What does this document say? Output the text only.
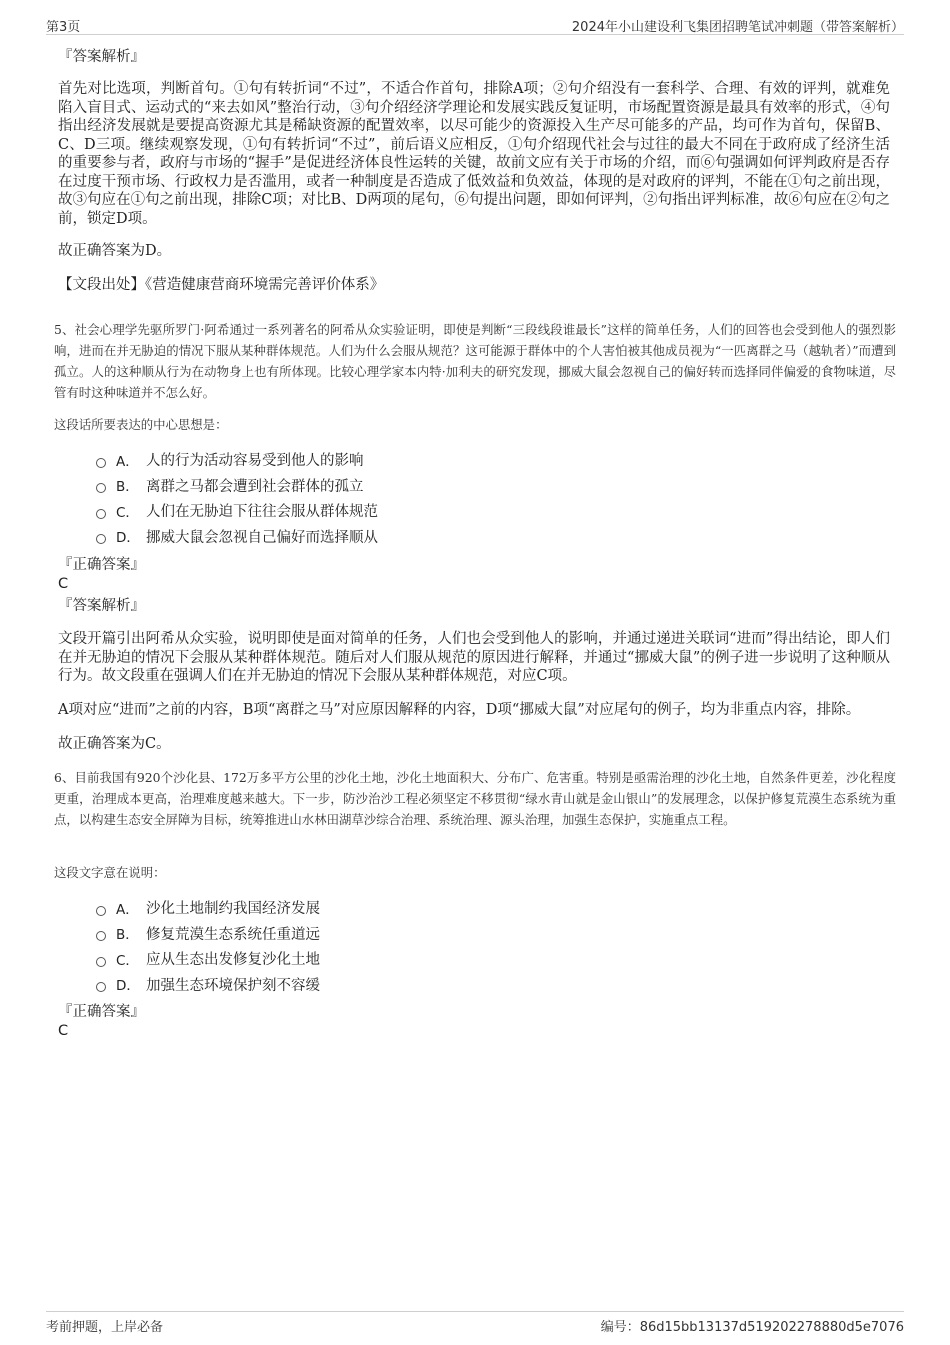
第3页	2024年小山建设利飞集团招聘笔试冲刺题（带答案解析）
『答案解析』

首先对比选项，判断首句。①句有转折词“不过”，不适合作首句，排除A项；②句介绍没有一套科学、合理、有效的评判，就难免陷入盲目式、运动式的“来去如风”整治行动，③句介绍经济学理论和发展实践反复证明，市场配置资源是最具有效率的形式，④句指出经济发展就是要提高资源尤其是稀缺资源的配置效率，以尽可能少的资源投入生产尽可能多的产品，均可作为首句，保留B、C、D三项。继续观察发现，①句有转折词“不过”，前后语义应相反，①句介绍现代社会与过往的最大不同在于政府成了经济生活的重要参与者，政府与市场的“握手”是促进经济体良性运转的关键，故前文应有关于市场的介绍，而⑥句强调如何评判政府是否存在过度干预市场、行政权力是否滥用，或者一种制度是否造成了低效益和负效益，体现的是对政府的评判，不能在①句之前出现，故③句应在①句之前出现，排除C项；对比B、D两项的尾句，⑥句提出问题，即如何评判，②句指出评判标准，故⑥句应在②句之前，锁定D项。

故正确答案为D。
【文段出处】《营造健康营商环境需完善评价体系》

5、社会心理学先驱所罗门·阿希通过一系列著名的阿希从众实验证明，即使是判断“三段线段谁最长”这样的简单任务，人们的回答也会受到他人的强烈影响，进而在并无胁迫的情况下服从某种群体规范。人们为什么会服从规范？这可能源于群体中的个人害怕被其他成员视为“一匹离群之马（越轨者）”而遭到孤立。人的这种顺从行为在动物身上也有所体现。比较心理学家本内特·加利夫的研究发现，挪威大鼠会忽视自己的偏好转而选择同伴偏爱的食物味道，尽管有时这种味道并不怎么好。

这段话所要表达的中心思想是：
A． 人的行为活动容易受到他人的影响
B． 离群之马都会遭到社会群体的孤立
C． 人们在无胁迫下往往会服从群体规范
D． 挪威大鼠会忽视自己偏好而选择顺从
『正确答案』
C
『答案解析』

文段开篇引出阿希从众实验，说明即使是面对简单的任务，人们也会受到他人的影响，并通过递进关联词“进而”得出结论，即人们在并无胁迫的情况下会服从某种群体规范。随后对人们服从规范的原因进行解释，并通过“挪威大鼠”的例子进一步说明了这种顺从行为。故文段重在强调人们在并无胁迫的情况下会服从某种群体规范，对应C项。

A项对应“进而”之前的内容，B项“离群之马”对应原因解释的内容，D项“挪威大鼠”对应尾句的例子，均为非重点内容，排除。

故正确答案为C。

6、目前我国有920个沙化县、172万多平方公里的沙化土地，沙化土地面积大、分布广、危害重。特别是亟需治理的沙化土地，自然条件更差，沙化程度更重，治理成本更高，治理难度越来越大。下一步，防沙治沙工程必须坚定不移贯彻“绿水青山就是金山银山”的发展理念，以保护修复荒漠生态系统为重点，以构建生态安全屏障为目标，统筹推进山水林田湖草沙综合治理、系统治理、源头治理，加强生态保护，实施重点工程。

这段文字意在说明：
A． 沙化土地制约我国经济发展
B． 修复荒漠生态系统任重道远
C． 应从生态出发修复沙化土地
D． 加强生态环境保护刻不容缓
『正确答案』
C
考前押题，上岸必备	编号：86d15bb13137d519202278880d5e7076
